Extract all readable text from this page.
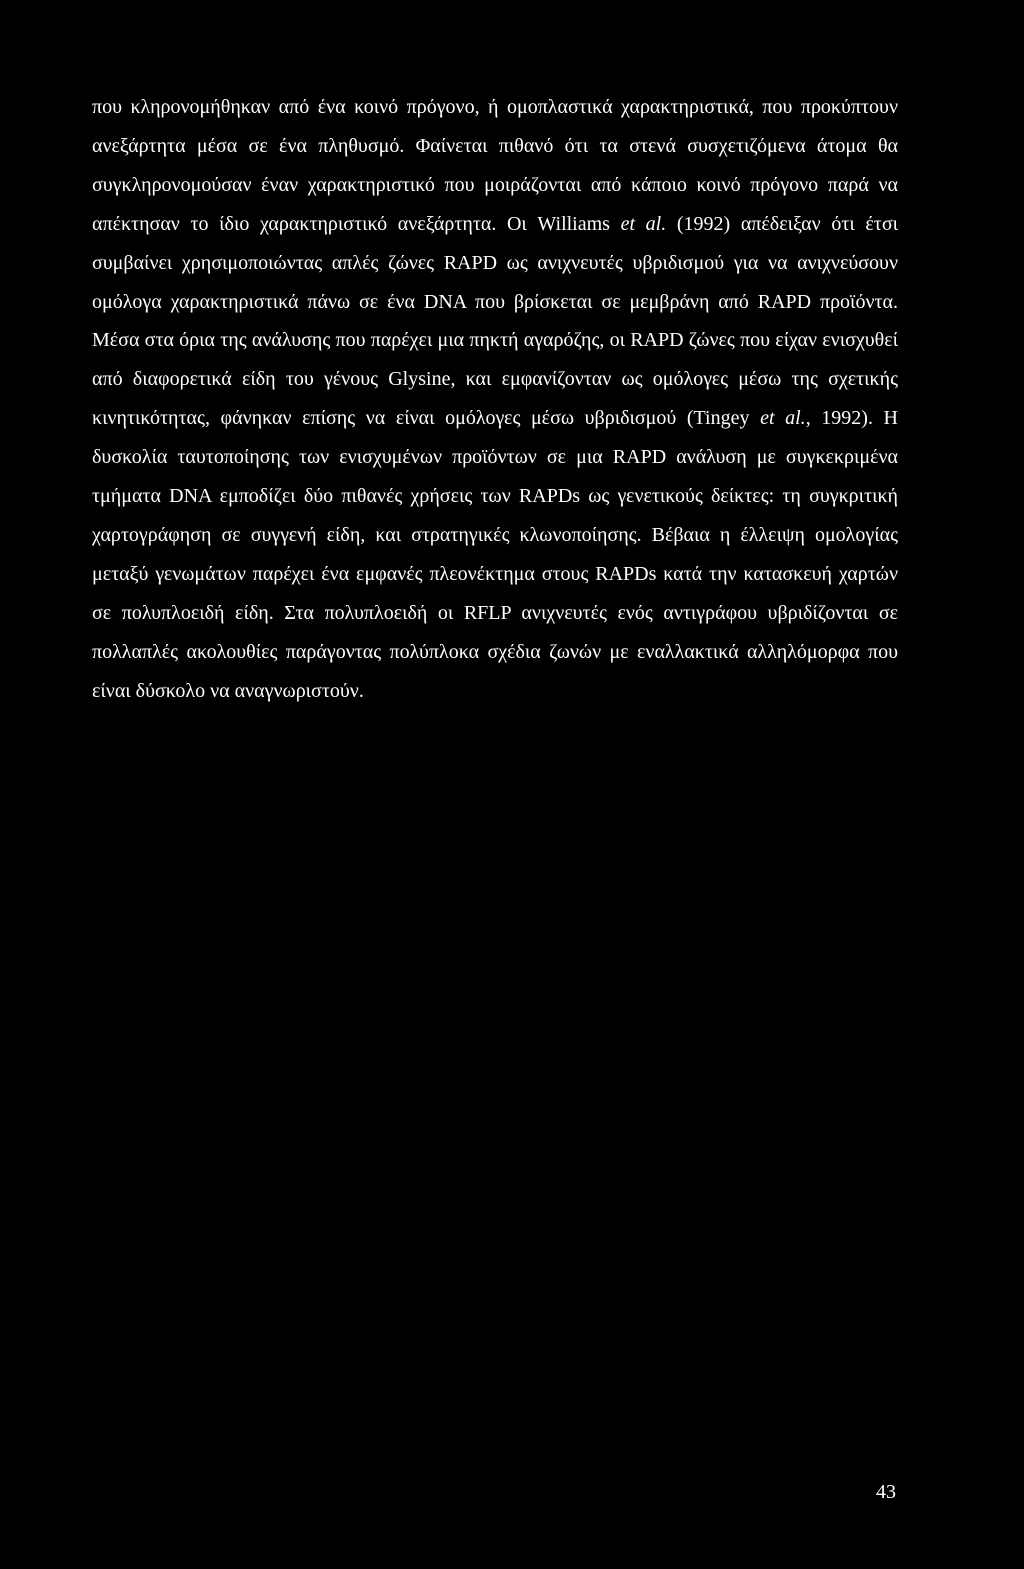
που κληρονομήθηκαν από ένα κοινό πρόγονο, ή ομοπλαστικά χαρακτηριστικά, που προκύπτουν ανεξάρτητα μέσα σε ένα πληθυσμό. Φαίνεται πιθανό ότι τα στενά συσχετιζόμενα άτομα θα συγκληρονομούσαν έναν χαρακτηριστικό που μοιράζονται από κάποιο κοινό πρόγονο παρά να απέκτησαν το ίδιο χαρακτηριστικό ανεξάρτητα. Οι Williams et al. (1992) απέδειξαν ότι έτσι συμβαίνει χρησιμοποιώντας απλές ζώνες RAPD ως ανιχνευτές υβριδισμού για να ανιχνεύσουν ομόλογα χαρακτηριστικά πάνω σε ένα DNA που βρίσκεται σε μεμβράνη από RAPD προϊόντα. Μέσα στα όρια της ανάλυσης που παρέχει μια πηκτή αγαρόζης, οι RAPD ζώνες που είχαν ενισχυθεί από διαφορετικά είδη του γένους Glysine, και εμφανίζονταν ως ομόλογες μέσω της σχετικής κινητικότητας, φάνηκαν επίσης να είναι ομόλογες μέσω υβριδισμού (Tingey et al., 1992). Η δυσκολία ταυτοποίησης των ενισχυμένων προϊόντων σε μια RAPD ανάλυση με συγκεκριμένα τμήματα DNA εμποδίζει δύο πιθανές χρήσεις των RAPDs ως γενετικούς δείκτες: τη συγκριτική χαρτογράφηση σε συγγενή είδη, και στρατηγικές κλωνοποίησης. Βέβαια η έλλειψη ομολογίας μεταξύ γενωμάτων παρέχει ένα εμφανές πλεονέκτημα στους RAPDs κατά την κατασκευή χαρτών σε πολυπλοειδή είδη. Στα πολυπλοειδή οι RFLP ανιχνευτές ενός αντιγράφου υβριδίζονται σε πολλαπλές ακολουθίες παράγοντας πολύπλοκα σχέδια ζωνών με εναλλακτικά αλληλόμορφα που είναι δύσκολο να αναγνωριστούν.

43
